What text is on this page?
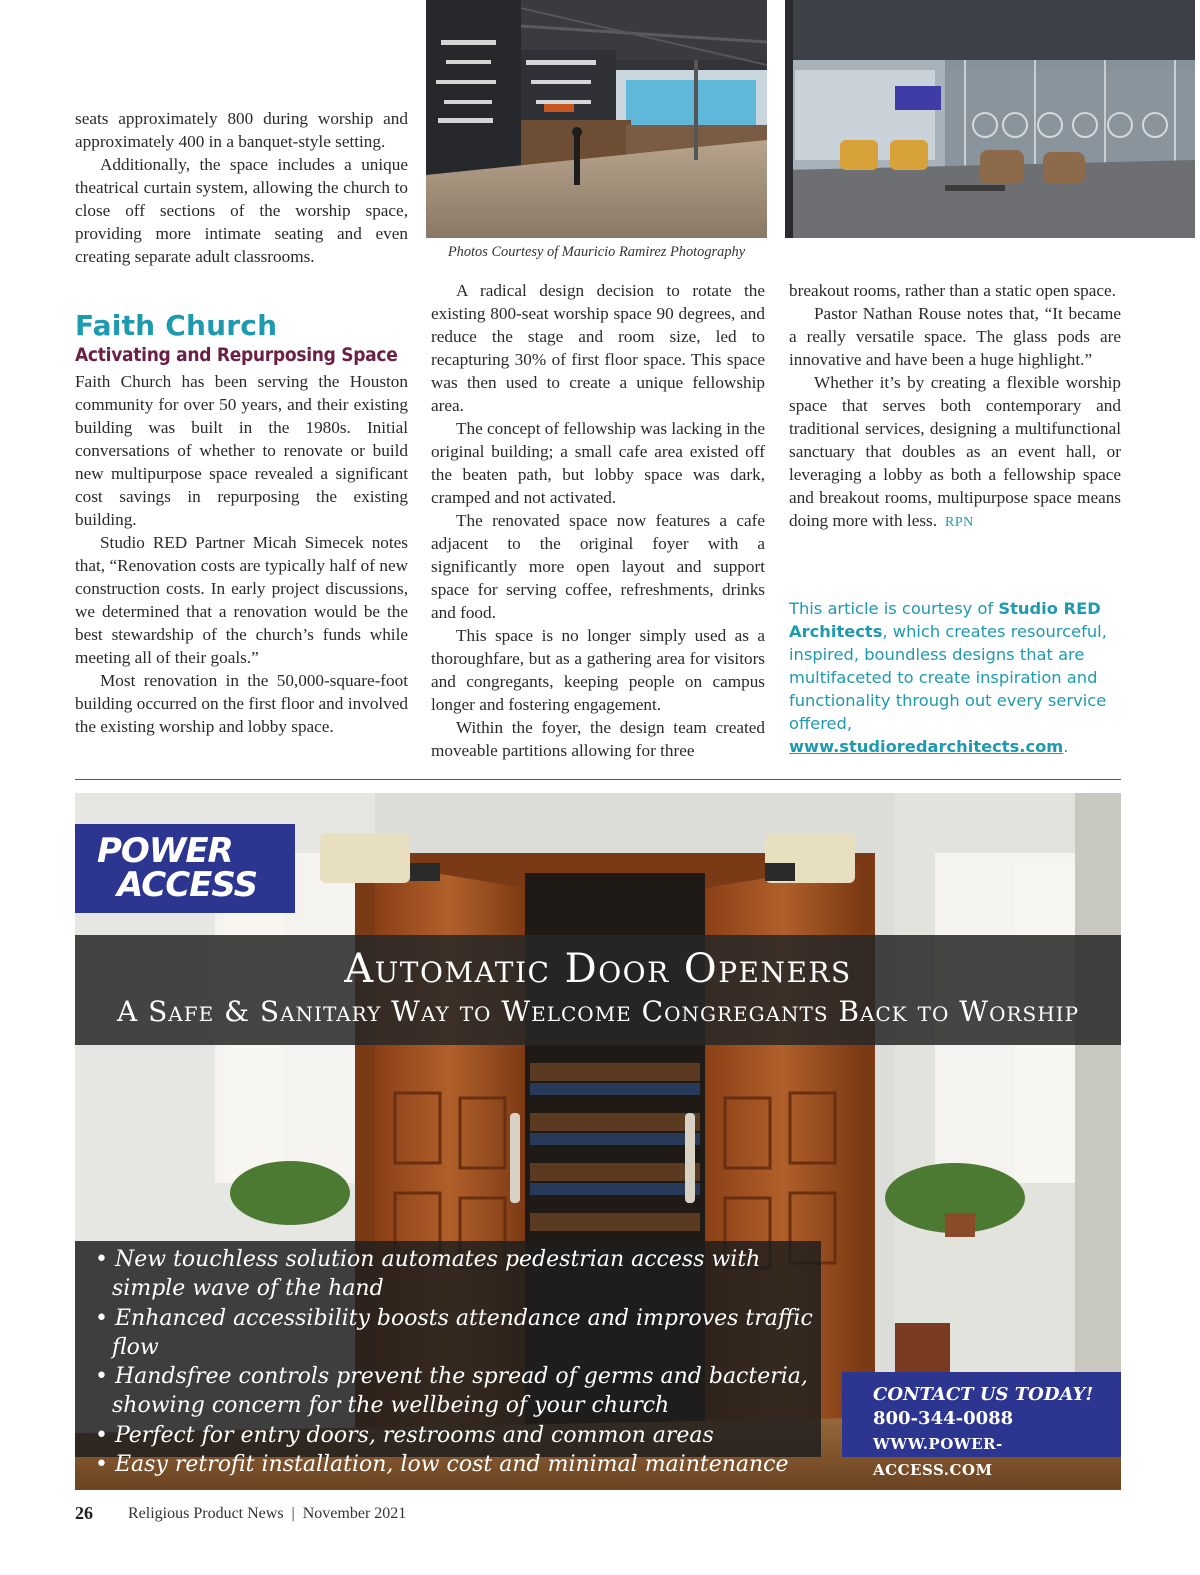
seats approximately 800 during worship and approximately 400 in a banquet-style setting.

Additionally, the space includes a unique theatrical curtain system, allowing the church to close off sections of the worship space, providing more intimate seating and even creating separate adult classrooms.

Faith Church
Activating and Repurposing Space

Faith Church has been serving the Houston community for over 50 years, and their existing building was built in the 1980s. Initial conversations of whether to renovate or build new multipurpose space revealed a significant cost savings in repurposing the existing building.

Studio RED Partner Micah Simecek notes that, “Renovation costs are typically half of new construction costs. In early project discussions, we determined that a renovation would be the best stewardship of the church’s funds while meeting all of their goals.”

Most renovation in the 50,000-square-foot building occurred on the first floor and involved the existing worship and lobby space.

Photos Courtesy of Mauricio Ramirez Photography

A radical design decision to rotate the existing 800-seat worship space 90 degrees, and reduce the stage and room size, led to recapturing 30% of first floor space. This space was then used to create a unique fellowship area.

The concept of fellowship was lacking in the original building; a small cafe area existed off the beaten path, but lobby space was dark, cramped and not activated.

The renovated space now features a cafe adjacent to the original foyer with a significantly more open layout and support space for serving coffee, refreshments, drinks and food.

This space is no longer simply used as a thoroughfare, but as a gathering area for visitors and congregants, keeping people on campus longer and fostering engagement.

Within the foyer, the design team created moveable partitions allowing for three

breakout rooms, rather than a static open space.

Pastor Nathan Rouse notes that, “It became a really versatile space. The glass pods are innovative and have been a huge highlight.”

Whether it’s by creating a flexible worship space that serves both contemporary and traditional services, designing a multifunctional sanctuary that doubles as an event hall, or leveraging a lobby as both a fellowship space and breakout rooms, multipurpose space means doing more with less. RPN

This article is courtesy of Studio RED Architects, which creates resourceful, inspired, boundless designs that are multifaceted to create inspiration and functionality through out every service offered, www.studioredarchitects.com.
POWER
ACCESS
Automatic Door Openers
A Safe & Sanitary Way to Welcome Congregants Back to Worship
• New touchless solution automates pedestrian access with simple wave of the hand
• Enhanced accessibility boosts attendance and improves traffic flow
• Handsfree controls prevent the spread of germs and bacteria, showing concern for the wellbeing of your church
• Perfect for entry doors, restrooms and common areas
• Easy retrofit installation, low cost and minimal maintenance
CONTACT US TODAY!
800-344-0088
WWW.POWER-ACCESS.COM
26 Religious Product News  |  November 2021
